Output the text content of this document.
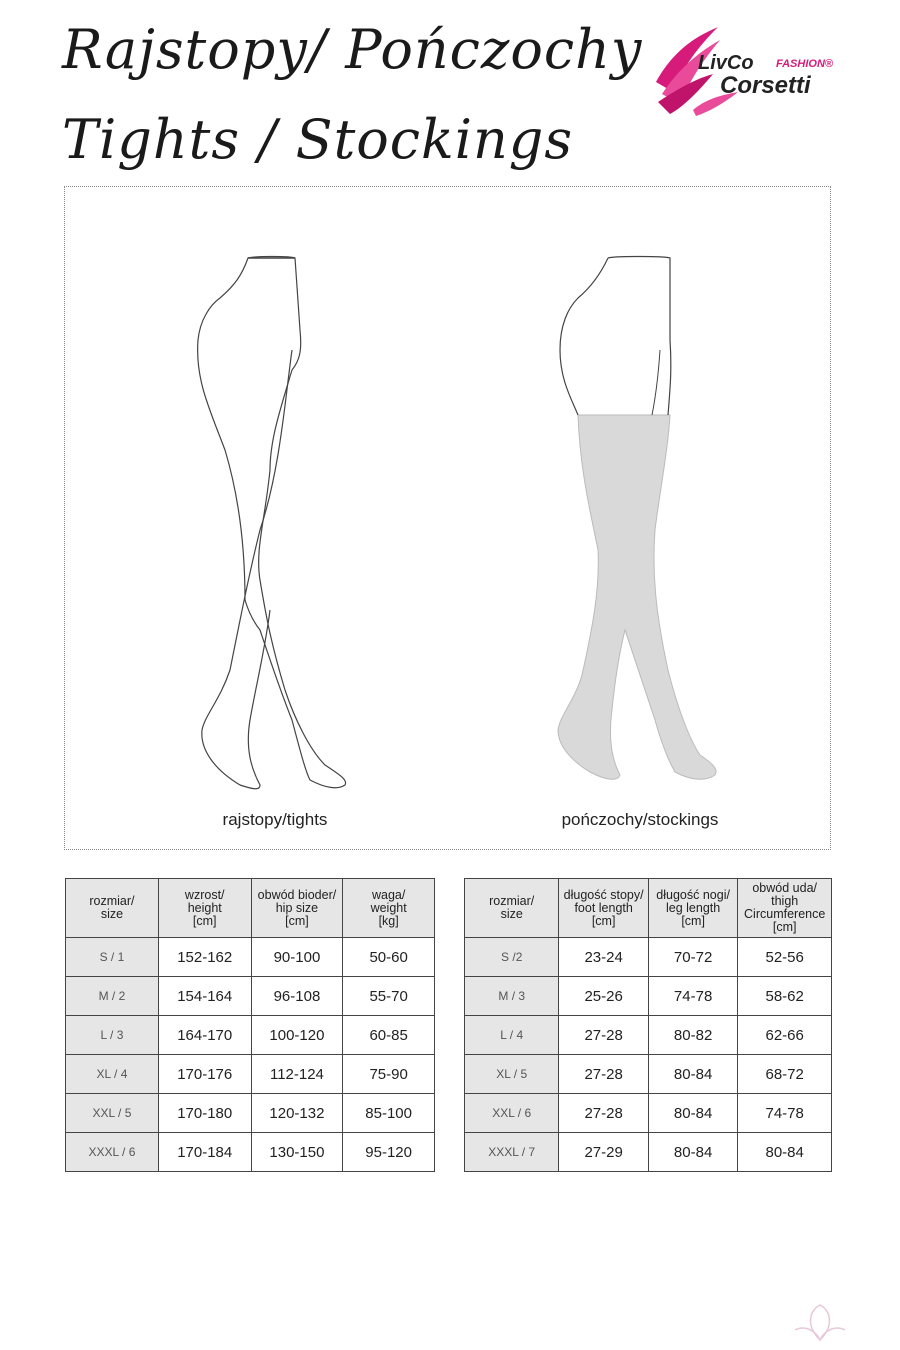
Rajstopy/ Pończochy
Tights / Stockings
LivCo FASHION®
Corsetti
rajstopy/tights	pończochy/stockings
rozmiar/
size	wzrost/
height
[cm]	obwód bioder/
hip size
[cm]	waga/
weight
[kg]
S / 1	152-162	90-100	50-60
M / 2	154-164	96-108	55-70
L / 3	164-170	100-120	60-85
XL / 4	170-176	112-124	75-90
XXL / 5	170-180	120-132	85-100
XXXL / 6	170-184	130-150	95-120
rozmiar/
size	długość stopy/
foot length
[cm]	długość nogi/
leg length
[cm]	obwód uda/
thigh
Circumference
[cm]
S /2	23-24	70-72	52-56
M / 3	25-26	74-78	58-62
L / 4	27-28	80-82	62-66
XL / 5	27-28	80-84	68-72
XXL / 6	27-28	80-84	74-78
XXXL / 7	27-29	80-84	80-84
